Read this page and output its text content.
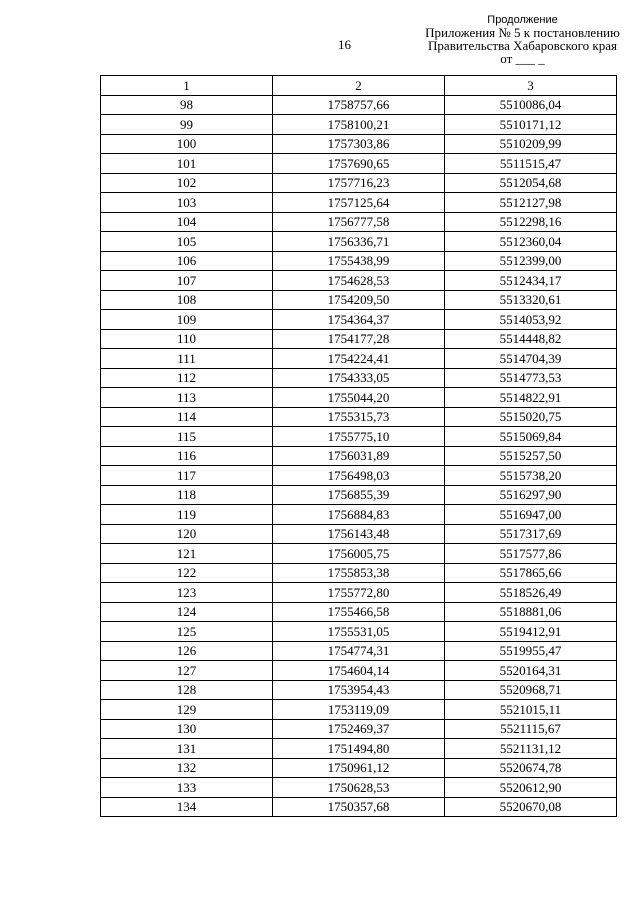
16
Продолжение
Приложения № 5 к постановлению
Правительства Хабаровского края
от ___ _
1	2	3
98	1758757,66	5510086,04
99	1758100,21	5510171,12
100	1757303,86	5510209,99
101	1757690,65	5511515,47
102	1757716,23	5512054,68
103	1757125,64	5512127,98
104	1756777,58	5512298,16
105	1756336,71	5512360,04
106	1755438,99	5512399,00
107	1754628,53	5512434,17
108	1754209,50	5513320,61
109	1754364,37	5514053,92
110	1754177,28	5514448,82
111	1754224,41	5514704,39
112	1754333,05	5514773,53
113	1755044,20	5514822,91
114	1755315,73	5515020,75
115	1755775,10	5515069,84
116	1756031,89	5515257,50
117	1756498,03	5515738,20
118	1756855,39	5516297,90
119	1756884,83	5516947,00
120	1756143,48	5517317,69
121	1756005,75	5517577,86
122	1755853,38	5517865,66
123	1755772,80	5518526,49
124	1755466,58	5518881,06
125	1755531,05	5519412,91
126	1754774,31	5519955,47
127	1754604,14	5520164,31
128	1753954,43	5520968,71
129	1753119,09	5521015,11
130	1752469,37	5521115,67
131	1751494,80	5521131,12
132	1750961,12	5520674,78
133	1750628,53	5520612,90
134	1750357,68	5520670,08
